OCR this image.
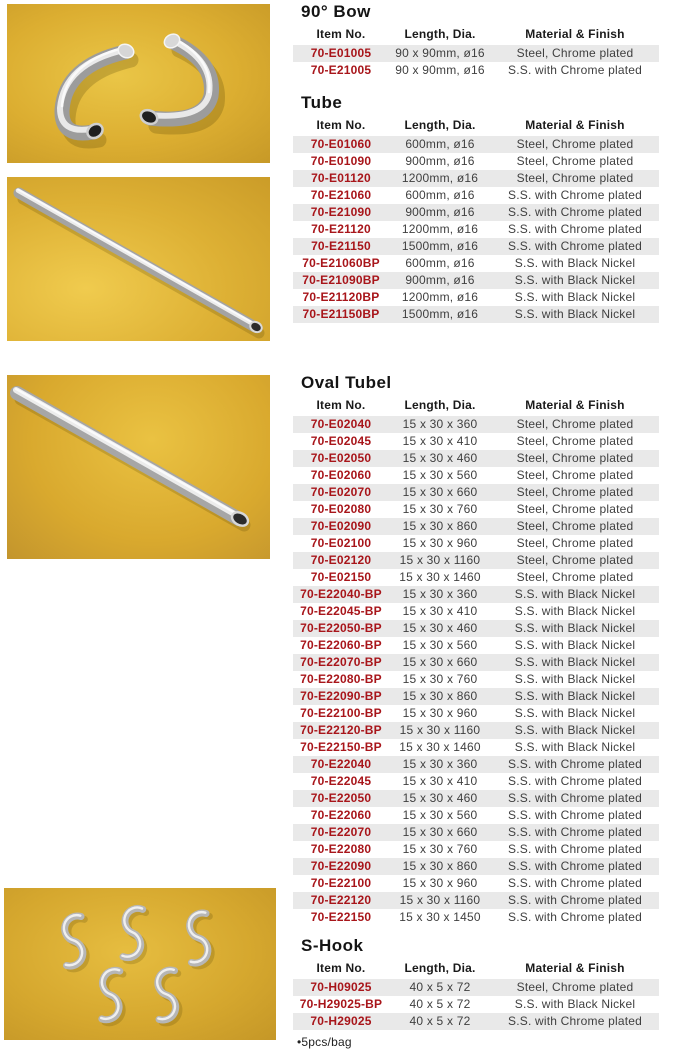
90° Bow
Item No.	Length, Dia.	Material & Finish
70-E01005	90 x 90mm, ø16	Steel, Chrome plated
70-E21005	90 x 90mm, ø16	S.S. with Chrome plated
Tube
Item No.	Length, Dia.	Material & Finish
70-E01060	600mm, ø16	Steel, Chrome plated
70-E01090	900mm, ø16	Steel, Chrome plated
70-E01120	1200mm, ø16	Steel, Chrome plated
70-E21060	600mm, ø16	S.S. with Chrome plated
70-E21090	900mm, ø16	S.S. with Chrome plated
70-E21120	1200mm, ø16	S.S. with Chrome plated
70-E21150	1500mm, ø16	S.S. with Chrome plated
70-E21060BP	600mm, ø16	S.S. with Black Nickel
70-E21090BP	900mm, ø16	S.S. with Black Nickel
70-E21120BP	1200mm, ø16	S.S. with Black Nickel
70-E21150BP	1500mm, ø16	S.S. with Black Nickel
Oval Tubel
Item No.	Length, Dia.	Material & Finish
70-E02040	15 x 30 x 360	Steel, Chrome plated
70-E02045	15 x 30 x 410	Steel, Chrome plated
70-E02050	15 x 30 x 460	Steel, Chrome plated
70-E02060	15 x 30 x 560	Steel, Chrome plated
70-E02070	15 x 30 x 660	Steel, Chrome plated
70-E02080	15 x 30 x 760	Steel, Chrome plated
70-E02090	15 x 30 x 860	Steel, Chrome plated
70-E02100	15 x 30 x 960	Steel, Chrome plated
70-E02120	15 x 30 x 1160	Steel, Chrome plated
70-E02150	15 x 30 x 1460	Steel, Chrome plated
70-E22040-BP	15 x 30 x 360	S.S. with Black Nickel
70-E22045-BP	15 x 30 x 410	S.S. with Black Nickel
70-E22050-BP	15 x 30 x 460	S.S. with Black Nickel
70-E22060-BP	15 x 30 x 560	S.S. with Black Nickel
70-E22070-BP	15 x 30 x 660	S.S. with Black Nickel
70-E22080-BP	15 x 30 x 760	S.S. with Black Nickel
70-E22090-BP	15 x 30 x 860	S.S. with Black Nickel
70-E22100-BP	15 x 30 x 960	S.S. with Black Nickel
70-E22120-BP	15 x 30 x 1160	S.S. with Black Nickel
70-E22150-BP	15 x 30 x 1460	S.S. with Black Nickel
70-E22040	15 x 30 x 360	S.S. with Chrome plated
70-E22045	15 x 30 x 410	S.S. with Chrome plated
70-E22050	15 x 30 x 460	S.S. with Chrome plated
70-E22060	15 x 30 x 560	S.S. with Chrome plated
70-E22070	15 x 30 x 660	S.S. with Chrome plated
70-E22080	15 x 30 x 760	S.S. with Chrome plated
70-E22090	15 x 30 x 860	S.S. with Chrome plated
70-E22100	15 x 30 x 960	S.S. with Chrome plated
70-E22120	15 x 30 x 1160	S.S. with Chrome plated
70-E22150	15 x 30 x 1450	S.S. with Chrome plated
S-Hook
Item No.	Length, Dia.	Material & Finish
70-H09025	40 x 5 x 72	Steel, Chrome plated
70-H29025-BP	40 x 5 x 72	S.S. with Black Nickel
70-H29025	40 x 5 x 72	S.S. with Chrome plated
•5pcs/bag
